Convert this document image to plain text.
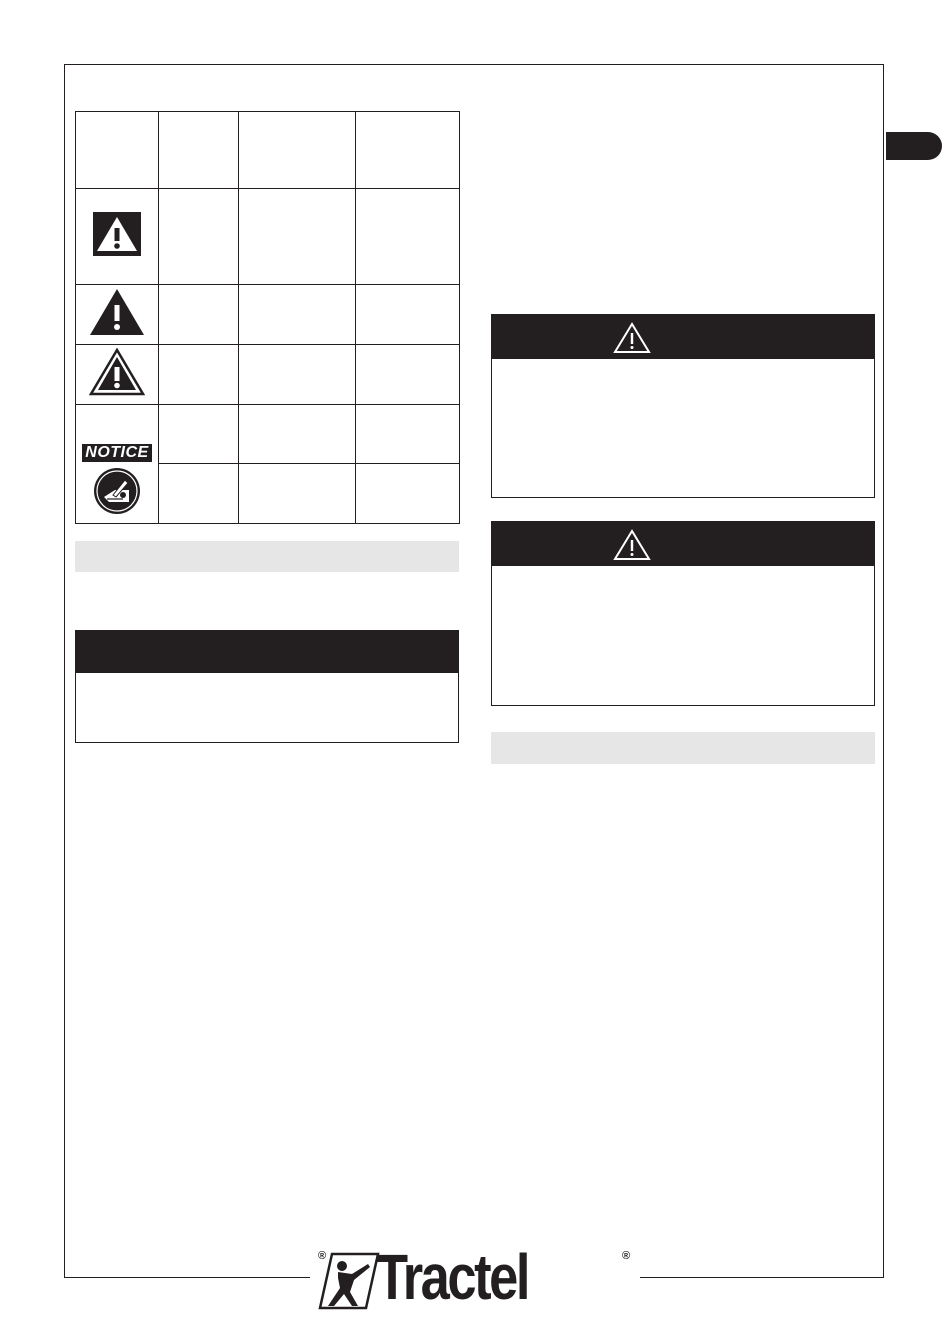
NOTICE			

® Tractel	®
